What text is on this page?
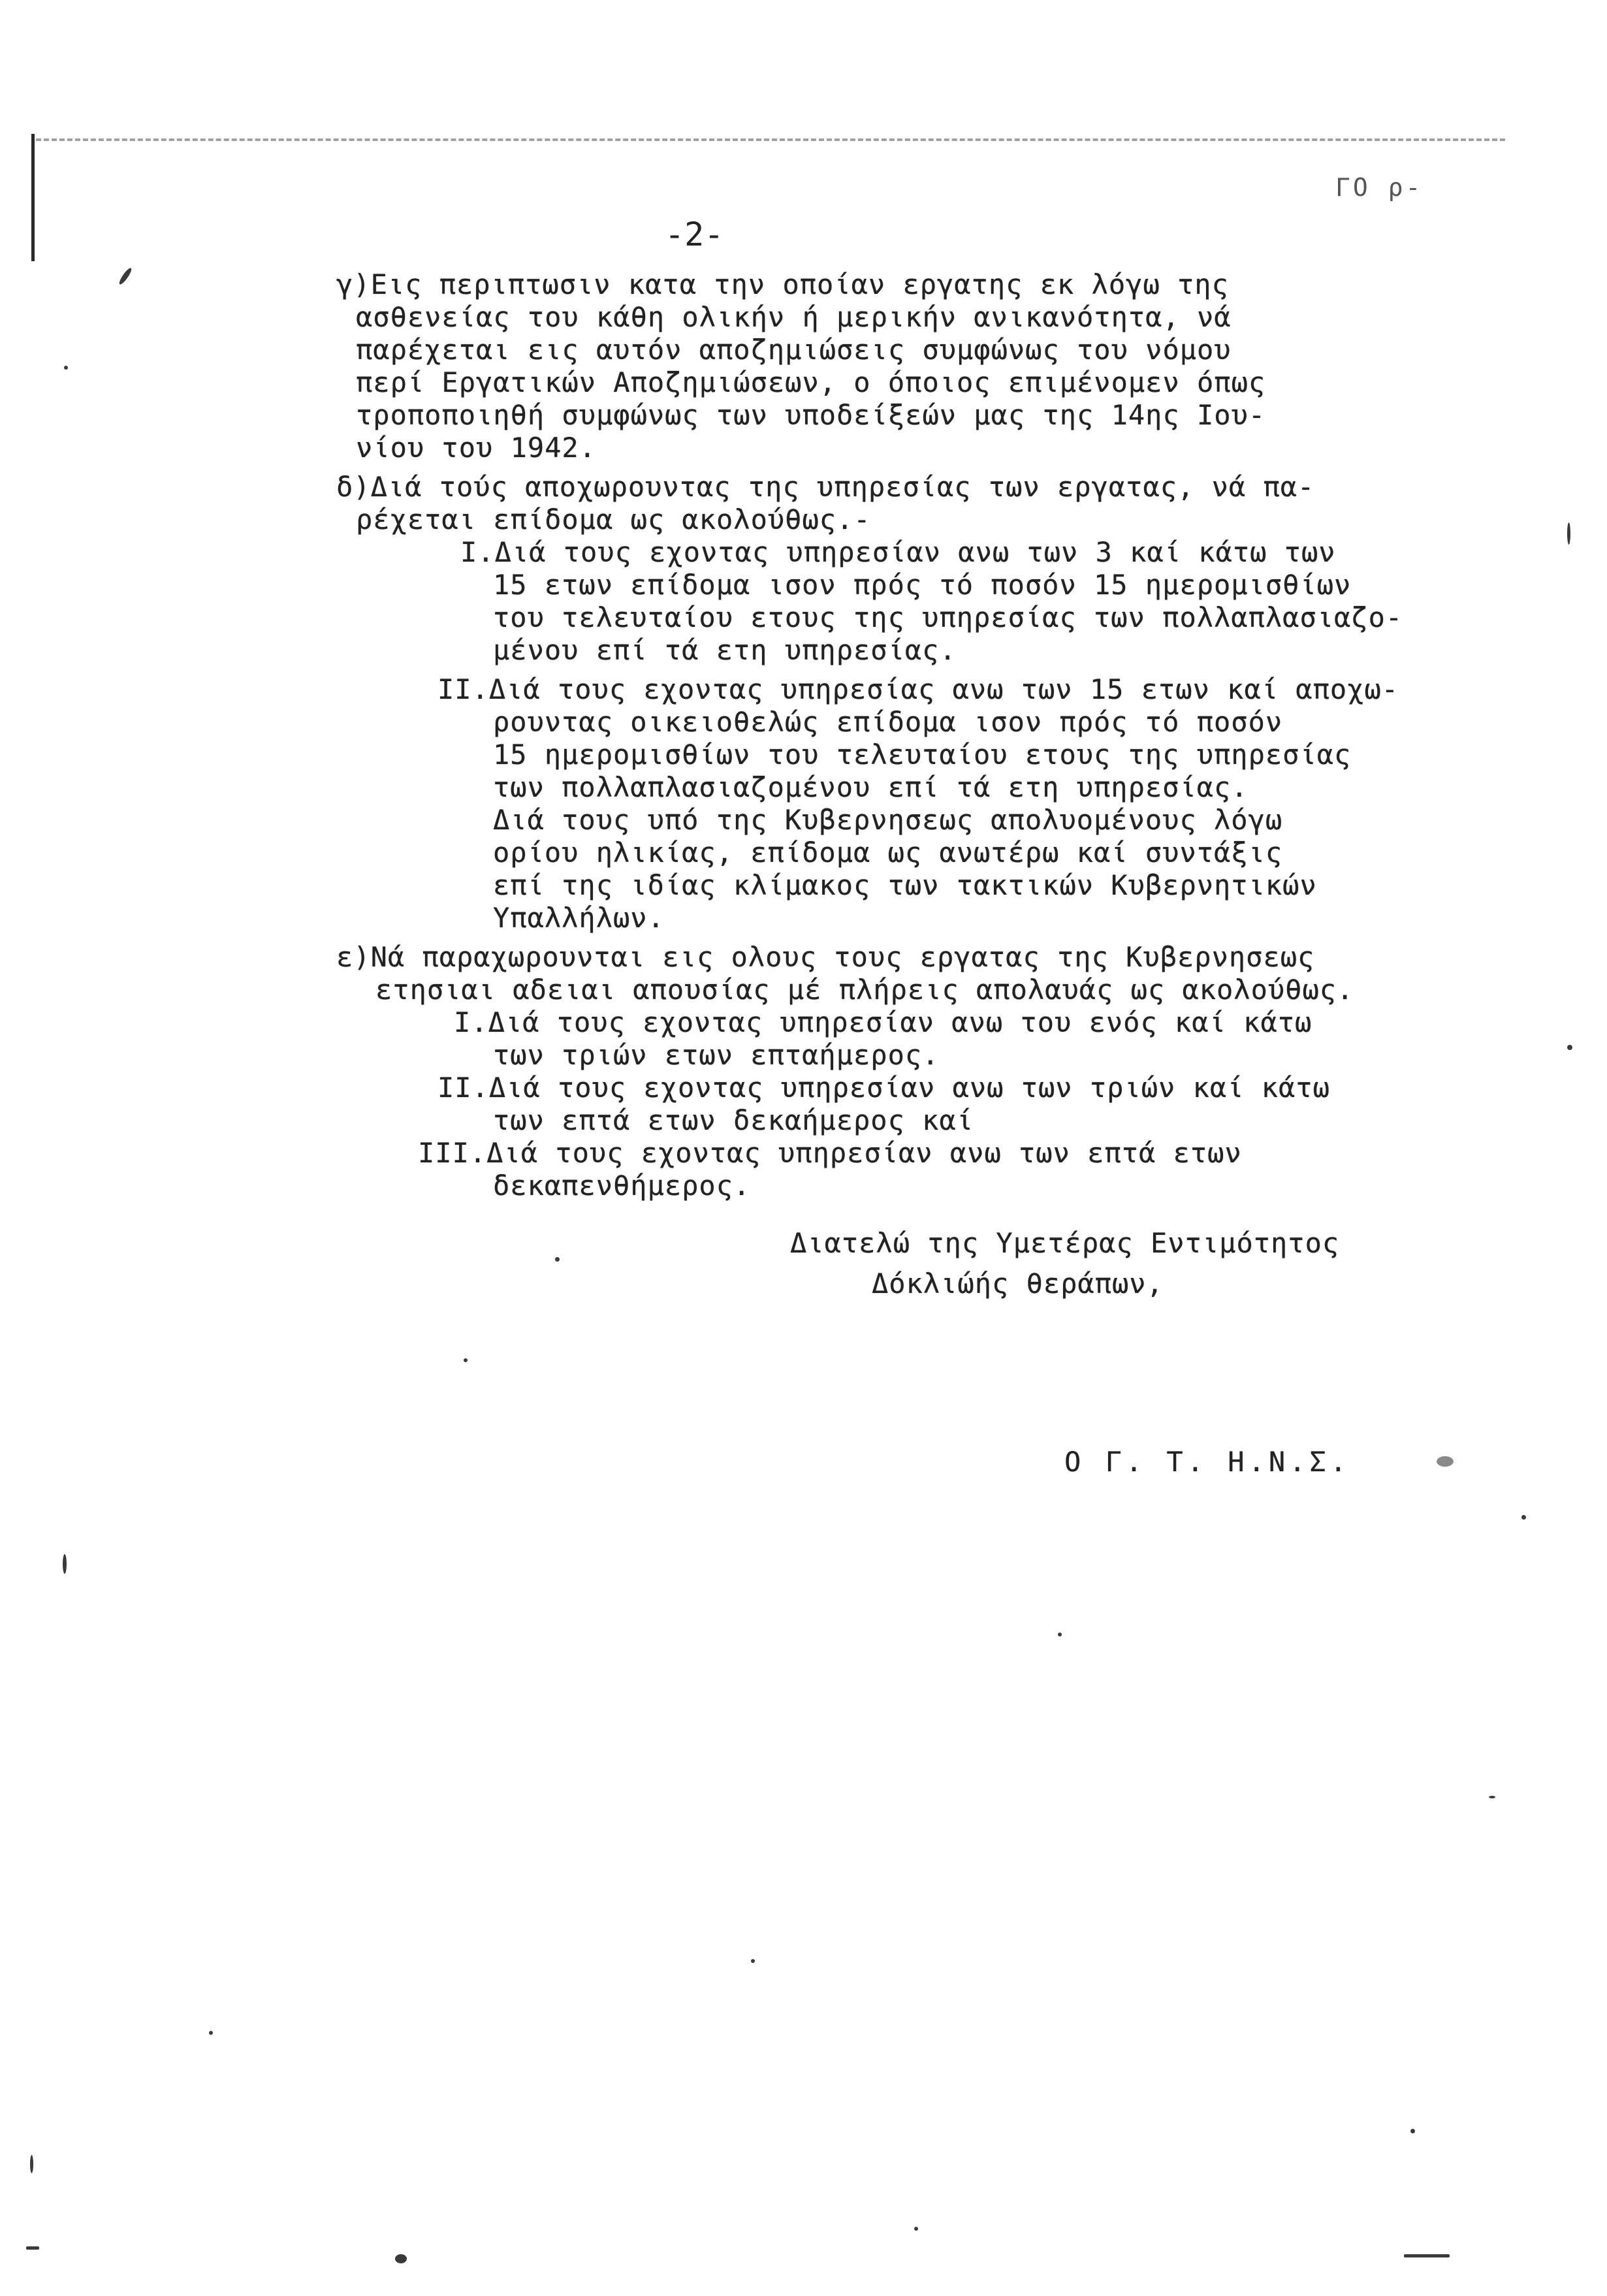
ΓΟ ρ-
-2-
γ)Εις περιπτωσιν κατα την οποίαν εργατης εκ λόγω της
ασθενείας του κάθη ολικήν ή μερικήν ανικανότητα, νά
παρέχεται εις αυτόν αποζημιώσεις συμφώνως του νόμου
περί Εργατικών Αποζημιώσεων, ο όποιος επιμένομεν όπως
τροποποιηθή συμφώνως των υποδείξεών μας της 14ης Ιου-
νίου του 1942.
δ)Διά τούς αποχωρουντας της υπηρεσίας των εργατας, νά πα-
ρέχεται επίδομα ως ακολούθως.-
Ι.Διά τους εχοντας υπηρεσίαν ανω των 3 καί κάτω των
15 ετων επίδομα ισον πρός τό ποσόν 15 ημερομισθίων
του τελευταίου ετους της υπηρεσίας των πολλαπλασιαζο-
μένου επί τά ετη υπηρεσίας.
ΙΙ.Διά τους εχοντας υπηρεσίας ανω των 15 ετων καί αποχω-
ρουντας οικειοθελώς επίδομα ισον πρός τό ποσόν
15 ημερομισθίων του τελευταίου ετους της υπηρεσίας
των πολλαπλασιαζομένου επί τά ετη υπηρεσίας.
Διά τους υπό της Κυβερνησεως απολυομένους λόγω
ορίου ηλικίας, επίδομα ως ανωτέρω καί συντάξις
επί της ιδίας κλίμακος των τακτικών Κυβερνητικών
Υπαλλήλων.
ε)Νά παραχωρουνται εις ολους τους εργατας της Κυβερνησεως
ετησιαι αδειαι απουσίας μέ πλήρεις απολαυάς ως ακολούθως.
Ι.Διά τους εχοντας υπηρεσίαν ανω του ενός καί κάτω
των τριών ετων επταήμερος.
ΙΙ.Διά τους εχοντας υπηρεσίαν ανω των τριών καί κάτω
των επτά ετων δεκαήμερος καί
ΙΙΙ.Διά τους εχοντας υπηρεσίαν ανω των επτά ετων
δεκαπενθήμερος.
Διατελώ της Υμετέρας Εντιμότητος
Δόκλιώής θεράπων,
Ο Γ. Τ. Η.Ν.Σ.
